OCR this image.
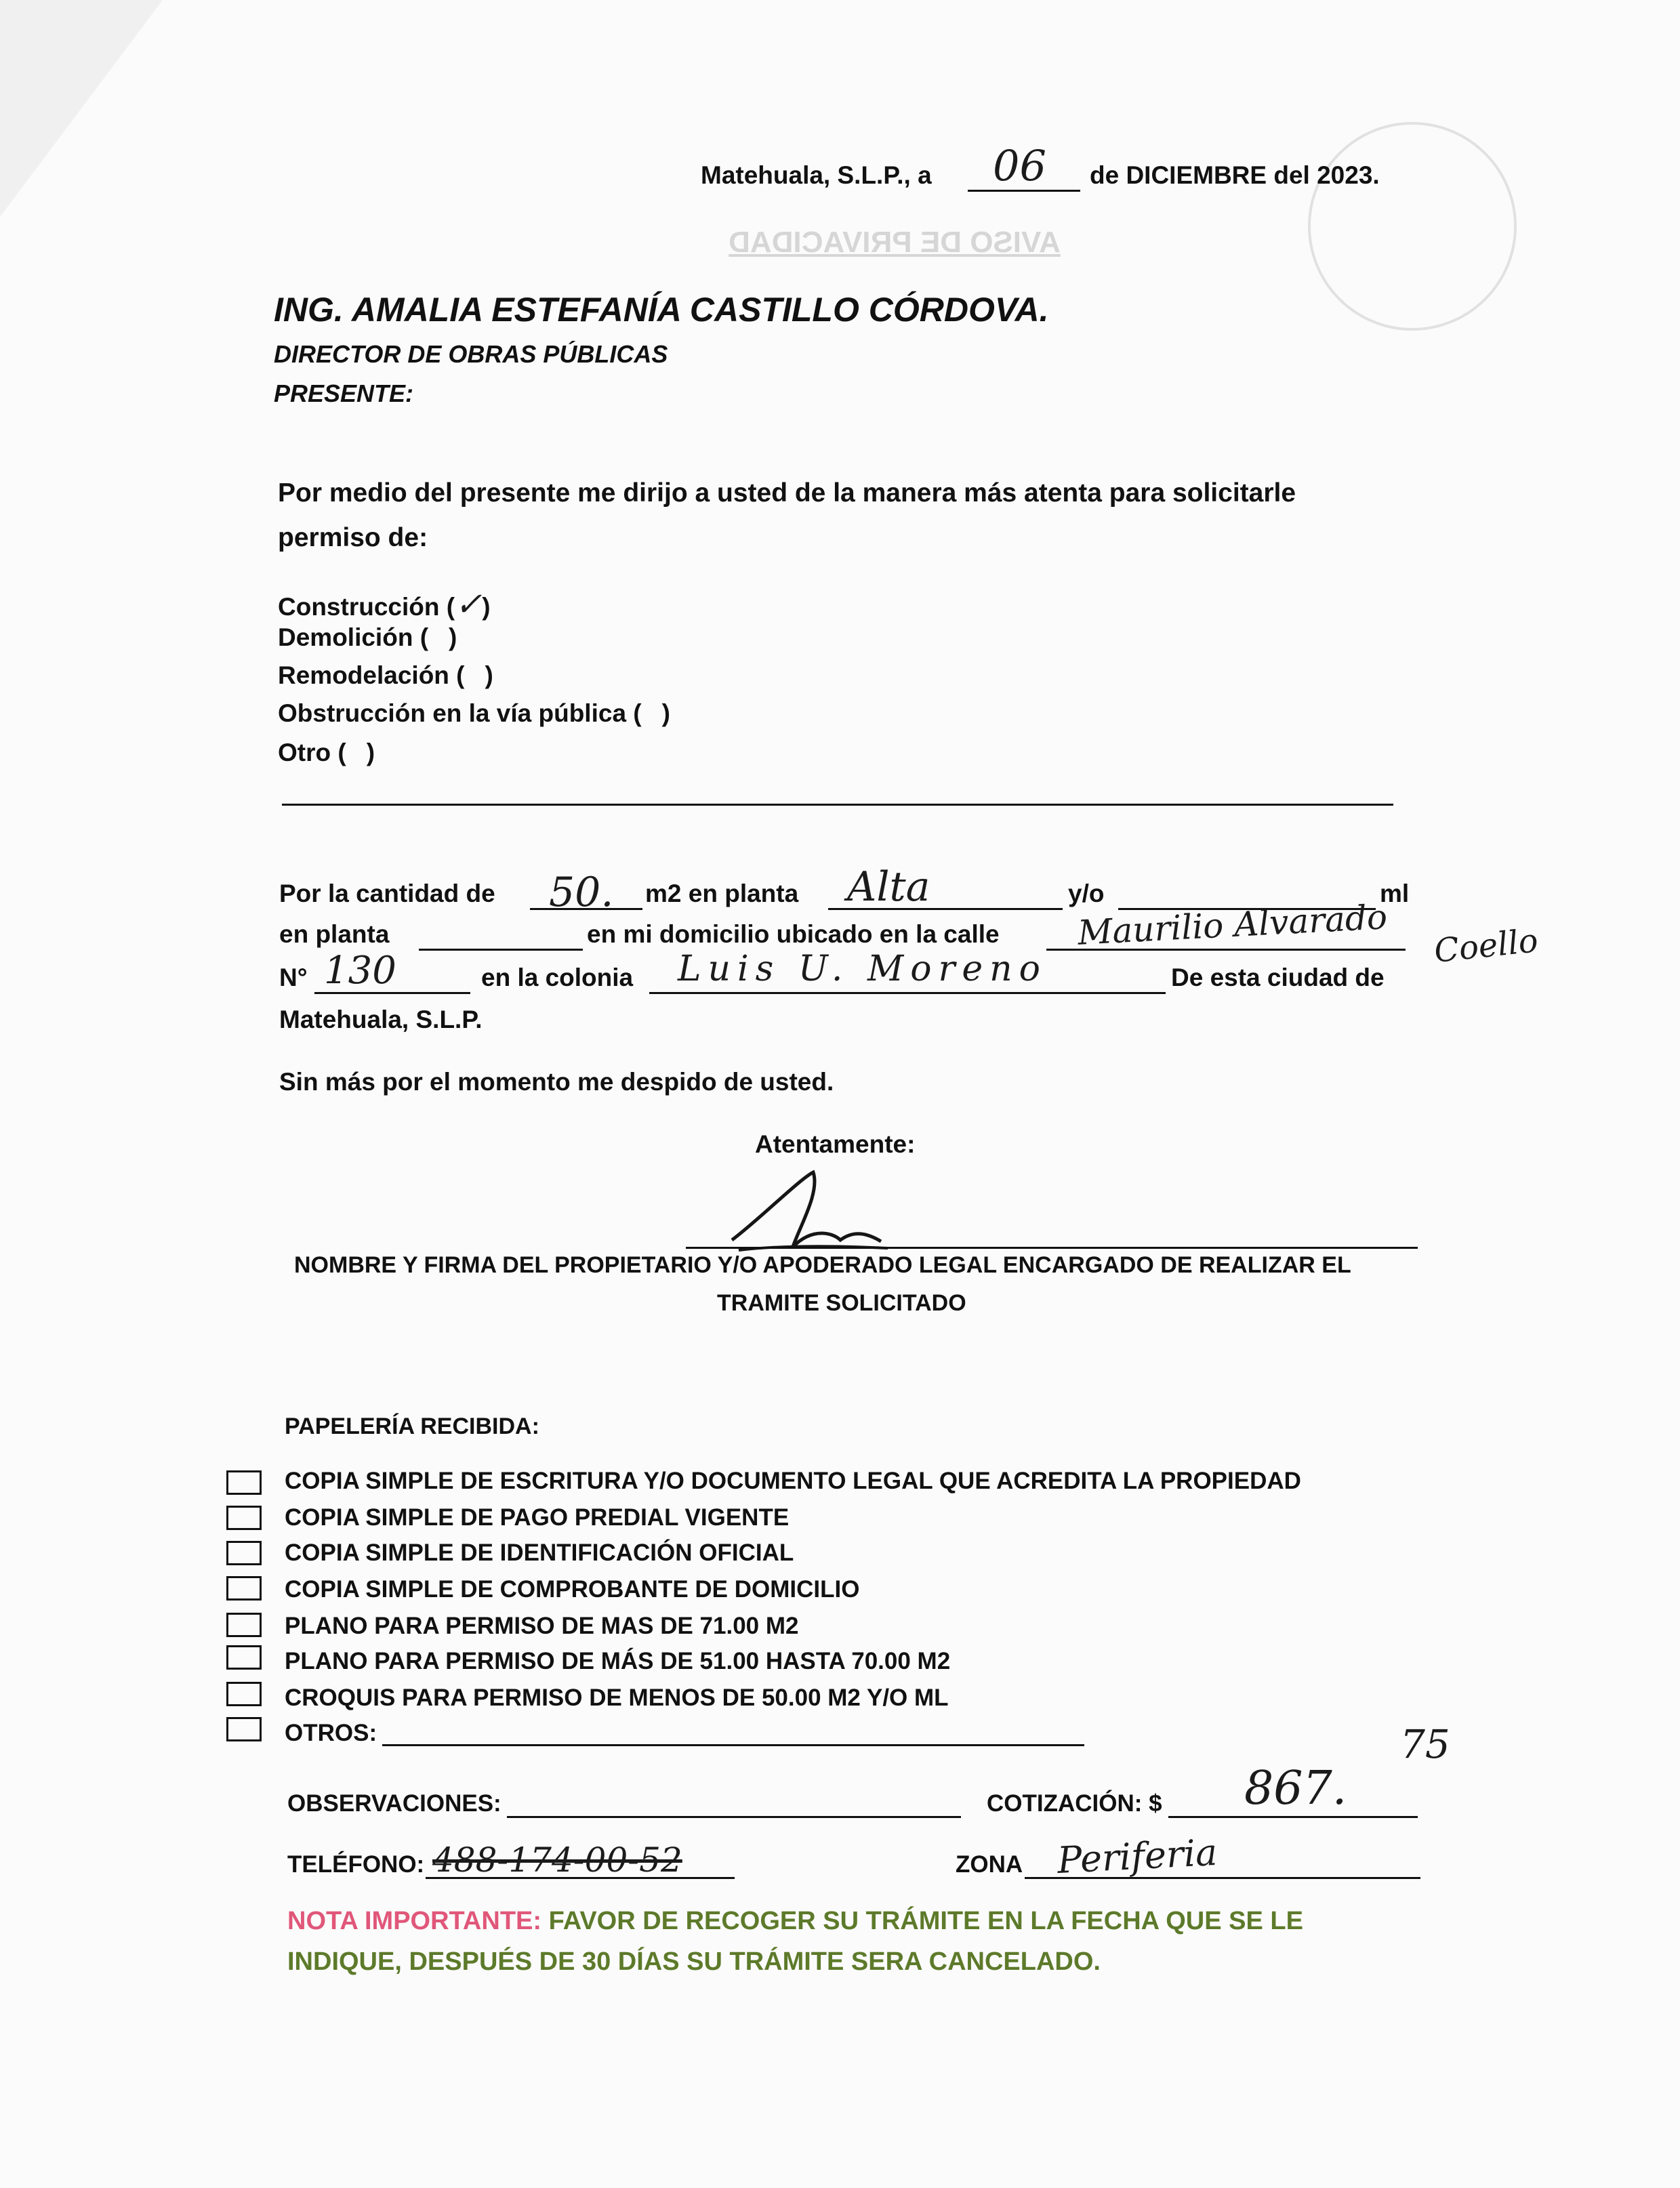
AVISO DE PRIVACIDAD

Matehuala, S.L.P., a 06 de DICIEMBRE del 2023.
ING. AMALIA ESTEFANÍA CASTILLO CÓRDOVA.
DIRECTOR DE OBRAS PÚBLICAS
PRESENTE:
Por medio del presente me dirijo a usted de la manera más atenta para solicitarle
permiso de:
Construcción (✓)
Demolición ( )
Remodelación ( )
Obstrucción en la vía pública ( )
Otro ( )
Por la cantidad de 50. m2 en planta Alta	y/o	ml
en planta	en mi domicilio ubicado en la calle Maurilio Alvarado Coello
N° 130	en la colonia Luis U. Moreno	De esta ciudad de
Matehuala, S.L.P.
Sin más por el momento me despido de usted.
Atentamente:
NOMBRE Y FIRMA DEL PROPIETARIO Y/O APODERADO LEGAL ENCARGADO DE REALIZAR EL
TRAMITE SOLICITADO
PAPELERÍA RECIBIDA:
COPIA SIMPLE DE ESCRITURA Y/O DOCUMENTO LEGAL QUE ACREDITA LA PROPIEDAD
COPIA SIMPLE DE PAGO PREDIAL VIGENTE
COPIA SIMPLE DE IDENTIFICACIÓN OFICIAL
COPIA SIMPLE DE COMPROBANTE DE DOMICILIO
PLANO PARA PERMISO DE MAS DE 71.00 M2
PLANO PARA PERMISO DE MÁS DE 51.00 HASTA 70.00 M2
CROQUIS PARA PERMISO DE MENOS DE 50.00 M2 Y/O ML
OTROS:
OBSERVACIONES:	COTIZACIÓN: $ 867.
75
TELÉFONO: 488-174-00-52	ZONA Periferia
NOTA IMPORTANTE: FAVOR DE RECOGER SU TRÁMITE EN LA FECHA QUE SE LE
INDIQUE, DESPUÉS DE 30 DÍAS SU TRÁMITE SERA CANCELADO.
